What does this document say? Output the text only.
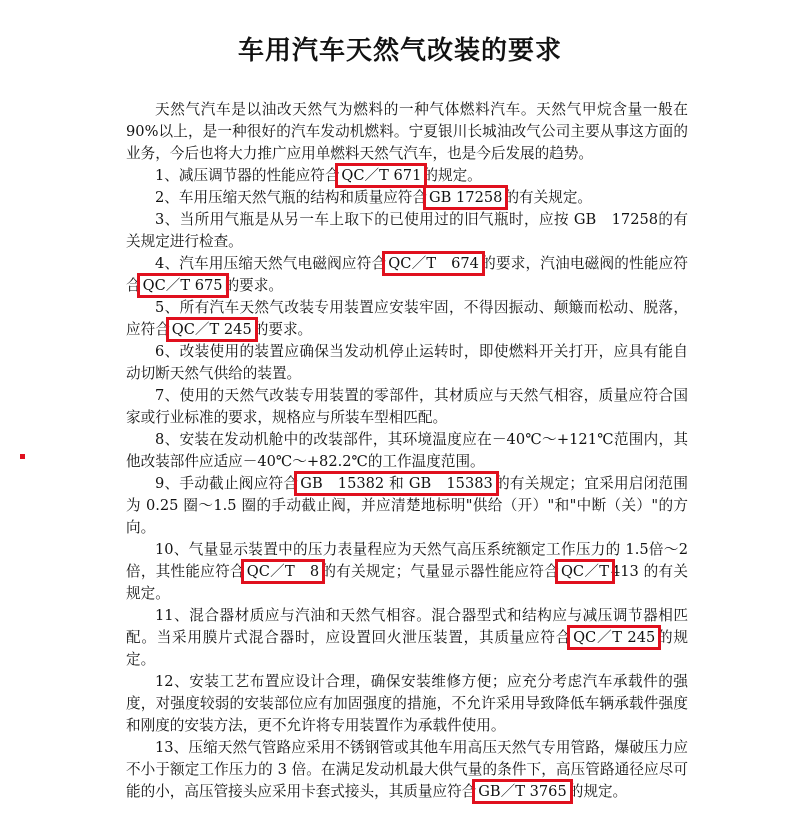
车用汽车天然气改装的要求

天然气汽车是以油改天然气为燃料的一种气体燃料汽车。天然气甲烷含量一般在 90%以上，是一种很好的汽车发动机燃料。宁夏银川长城油改气公司主要从事这方面的业务，今后也将大力推广应用单燃料天然气汽车，也是今后发展的趋势。

1、减压调节器的性能应符合 QC／T 671 的规定。

2、车用压缩天然气瓶的结构和质量应符合 GB 17258 的有关规定。

3、当所用气瓶是从另一车上取下的已使用过的旧气瓶时，应按 GB　17258的有关规定进行检查。

4、汽车用压缩天然气电磁阀应符合 QC／T　674 的要求，汽油电磁阀的性能应符合 QC／T 675 的要求。

5、所有汽车天然气改装专用装置应安装牢固，不得因振动、颠簸而松动、脱落，应符合 QC／T 245 的要求。

6、改装使用的装置应确保当发动机停止运转时，即使燃料开关打开，应具有能自动切断天然气供给的装置。

7、使用的天然气改装专用装置的零部件，其材质应与天然气相容，质量应符合国家或行业标准的要求，规格应与所装车型相匹配。

8、安装在发动机舱中的改装部件，其环境温度应在－40℃～+121℃范围内，其他改装部件应适应－40℃～+82.2℃的工作温度范围。

9、手动截止阀应符合 GB　15382 和 GB　15383 的有关规定；宜采用启闭范围为 0.25 圈～1.5 圈的手动截止阀，并应清楚地标明"供给（开）"和"中断（关）"的方向。

10、气量显示装置中的压力表量程应为天然气高压系统额定工作压力的 1.5倍～2 倍，其性能应符合 QC／T　8 的有关规定；气量显示器性能应符合 QC／T 413 的有关规定。

11、混合器材质应与汽油和天然气相容。混合器型式和结构应与减压调节器相匹配。当采用膜片式混合器时，应设置回火泄压装置，其质量应符合 QC／T 245 的规定。

12、安装工艺布置应设计合理，确保安装维修方便；应充分考虑汽车承载件的强度，对强度较弱的安装部位应有加固强度的措施，不允许采用导致降低车辆承载件强度和刚度的安装方法，更不允许将专用装置作为承载件使用。

13、压缩天然气管路应采用不锈钢管或其他车用高压天然气专用管路，爆破压力应不小于额定工作压力的 3 倍。在满足发动机最大供气量的条件下，高压管路通径应尽可能的小，高压管接头应采用卡套式接头，其质量应符合 GB／T 3765 的规定。
